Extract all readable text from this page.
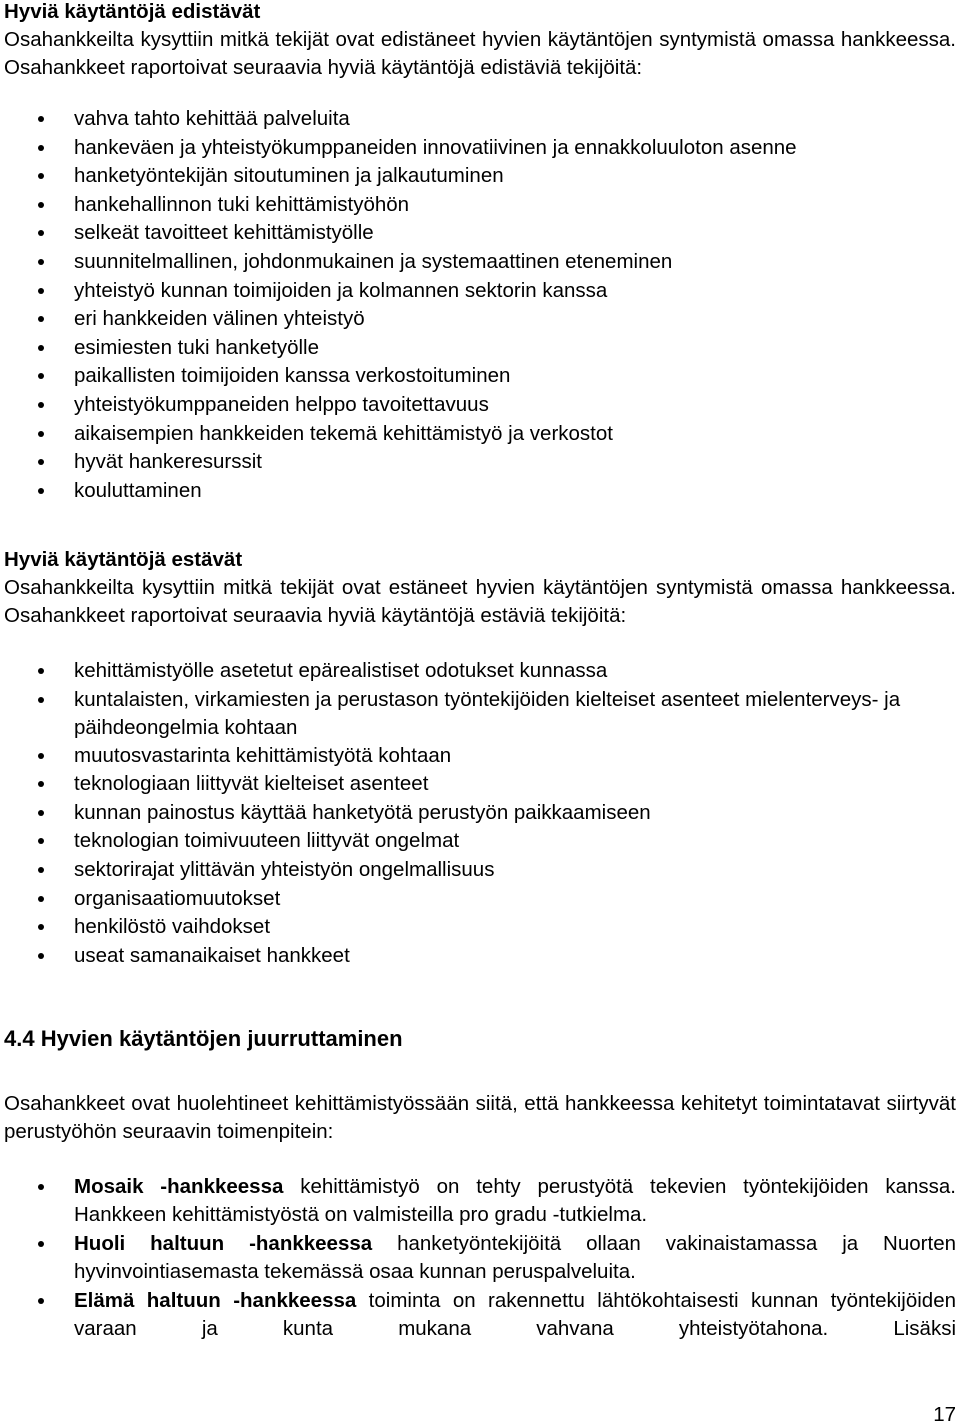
Hyviä käytäntöjä edistävät
Osahankkeilta kysyttiin mitkä tekijät ovat edistäneet hyvien käytäntöjen syntymistä omassa hankkeessa. Osahankkeet raportoivat seuraavia hyviä käytäntöjä edistäviä tekijöitä:
vahva tahto kehittää palveluita
hankeväen ja yhteistyökumppaneiden innovatiivinen ja ennakkoluuloton asenne
hanketyöntekijän sitoutuminen ja jalkautuminen
hankehallinnon tuki kehittämistyöhön
selkeät tavoitteet kehittämistyölle
suunnitelmallinen, johdonmukainen ja systemaattinen eteneminen
yhteistyö kunnan toimijoiden ja kolmannen sektorin kanssa
eri hankkeiden välinen yhteistyö
esimiesten tuki hanketyölle
paikallisten toimijoiden kanssa verkostoituminen
yhteistyökumppaneiden helppo tavoitettavuus
aikaisempien hankkeiden tekemä kehittämistyö ja verkostot
hyvät hankeresurssit
kouluttaminen
Hyviä käytäntöjä estävät
Osahankkeilta kysyttiin mitkä tekijät ovat estäneet hyvien käytäntöjen syntymistä omassa hankkeessa. Osahankkeet raportoivat seuraavia hyviä käytäntöjä estäviä tekijöitä:
kehittämistyölle asetetut epärealistiset odotukset kunnassa
kuntalaisten, virkamiesten ja perustason työntekijöiden kielteiset asenteet mielenterveys- ja päihdeongelmia kohtaan
muutosvastarinta kehittämistyötä kohtaan
teknologiaan liittyvät kielteiset asenteet
kunnan painostus käyttää hanketyötä perustyön paikkaamiseen
teknologian toimivuuteen liittyvät ongelmat
sektorirajat ylittävän yhteistyön ongelmallisuus
organisaatiomuutokset
henkilöstö vaihdokset
useat samanaikaiset hankkeet
4.4 Hyvien käytäntöjen juurruttaminen
Osahankkeet ovat huolehtineet kehittämistyössään siitä, että hankkeessa kehitetyt toimintatavat siirtyvät perustyöhön seuraavin toimenpitein:
Mosaik -hankkeessa kehittämistyö on tehty perustyötä tekevien työntekijöiden kanssa. Hankkeen kehittämistyöstä on valmisteilla pro gradu -tutkielma.
Huoli haltuun -hankkeessa hanketyöntekijöitä ollaan vakinaistamassa ja Nuorten hyvinvointiasemasta tekemässä osaa kunnan peruspalveluita.
Elämä haltuun -hankkeessa toiminta on rakennettu lähtökohtaisesti kunnan työntekijöiden varaan ja kunta mukana vahvana yhteistyötahona. Lisäksi
17
